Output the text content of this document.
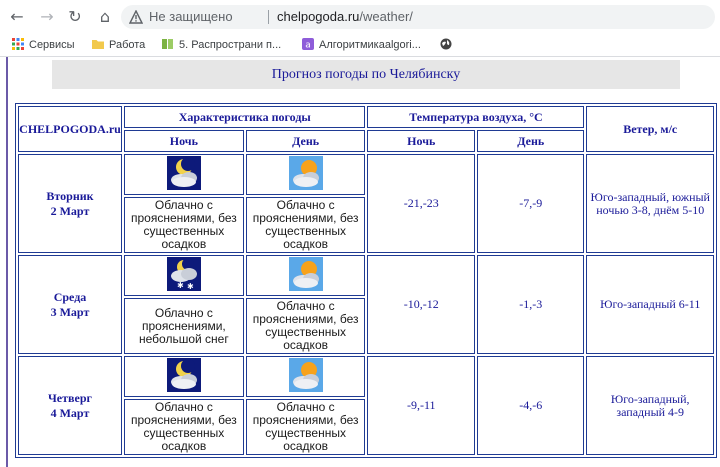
← → ↻ ⌂	Не защищено	chelpogoda.ru/weather/
Сервисы	Работа	5. Распространи п...	a Алгоритмикааlgori...
Прогноз погоды по Челябинску
CHELPOGODA.ru	Характеристика погоды		Температура воздуха, °С		Ветер, м/с
	Ночь	День	Ночь	День	
Вторник
2 Март			-21,-23	-7,-9	Юго-западный, южный ночью 3-8, днём 5-10
	Облачно с прояснениями, без существенных осадков	Облачно с прояснениями, без существенных осадков			
Среда
3 Март	✱ ✱		-10,-12	-1,-3	Юго-западный 6-11
	Облачно с прояснениями, небольшой снег	Облачно с прояснениями, без существенных осадков			
Четверг
4 Март			-9,-11	-4,-6	Юго-западный, западный 4-9
	Облачно с прояснениями, без существенных осадков	Облачно с прояснениями, без существенных осадков			
